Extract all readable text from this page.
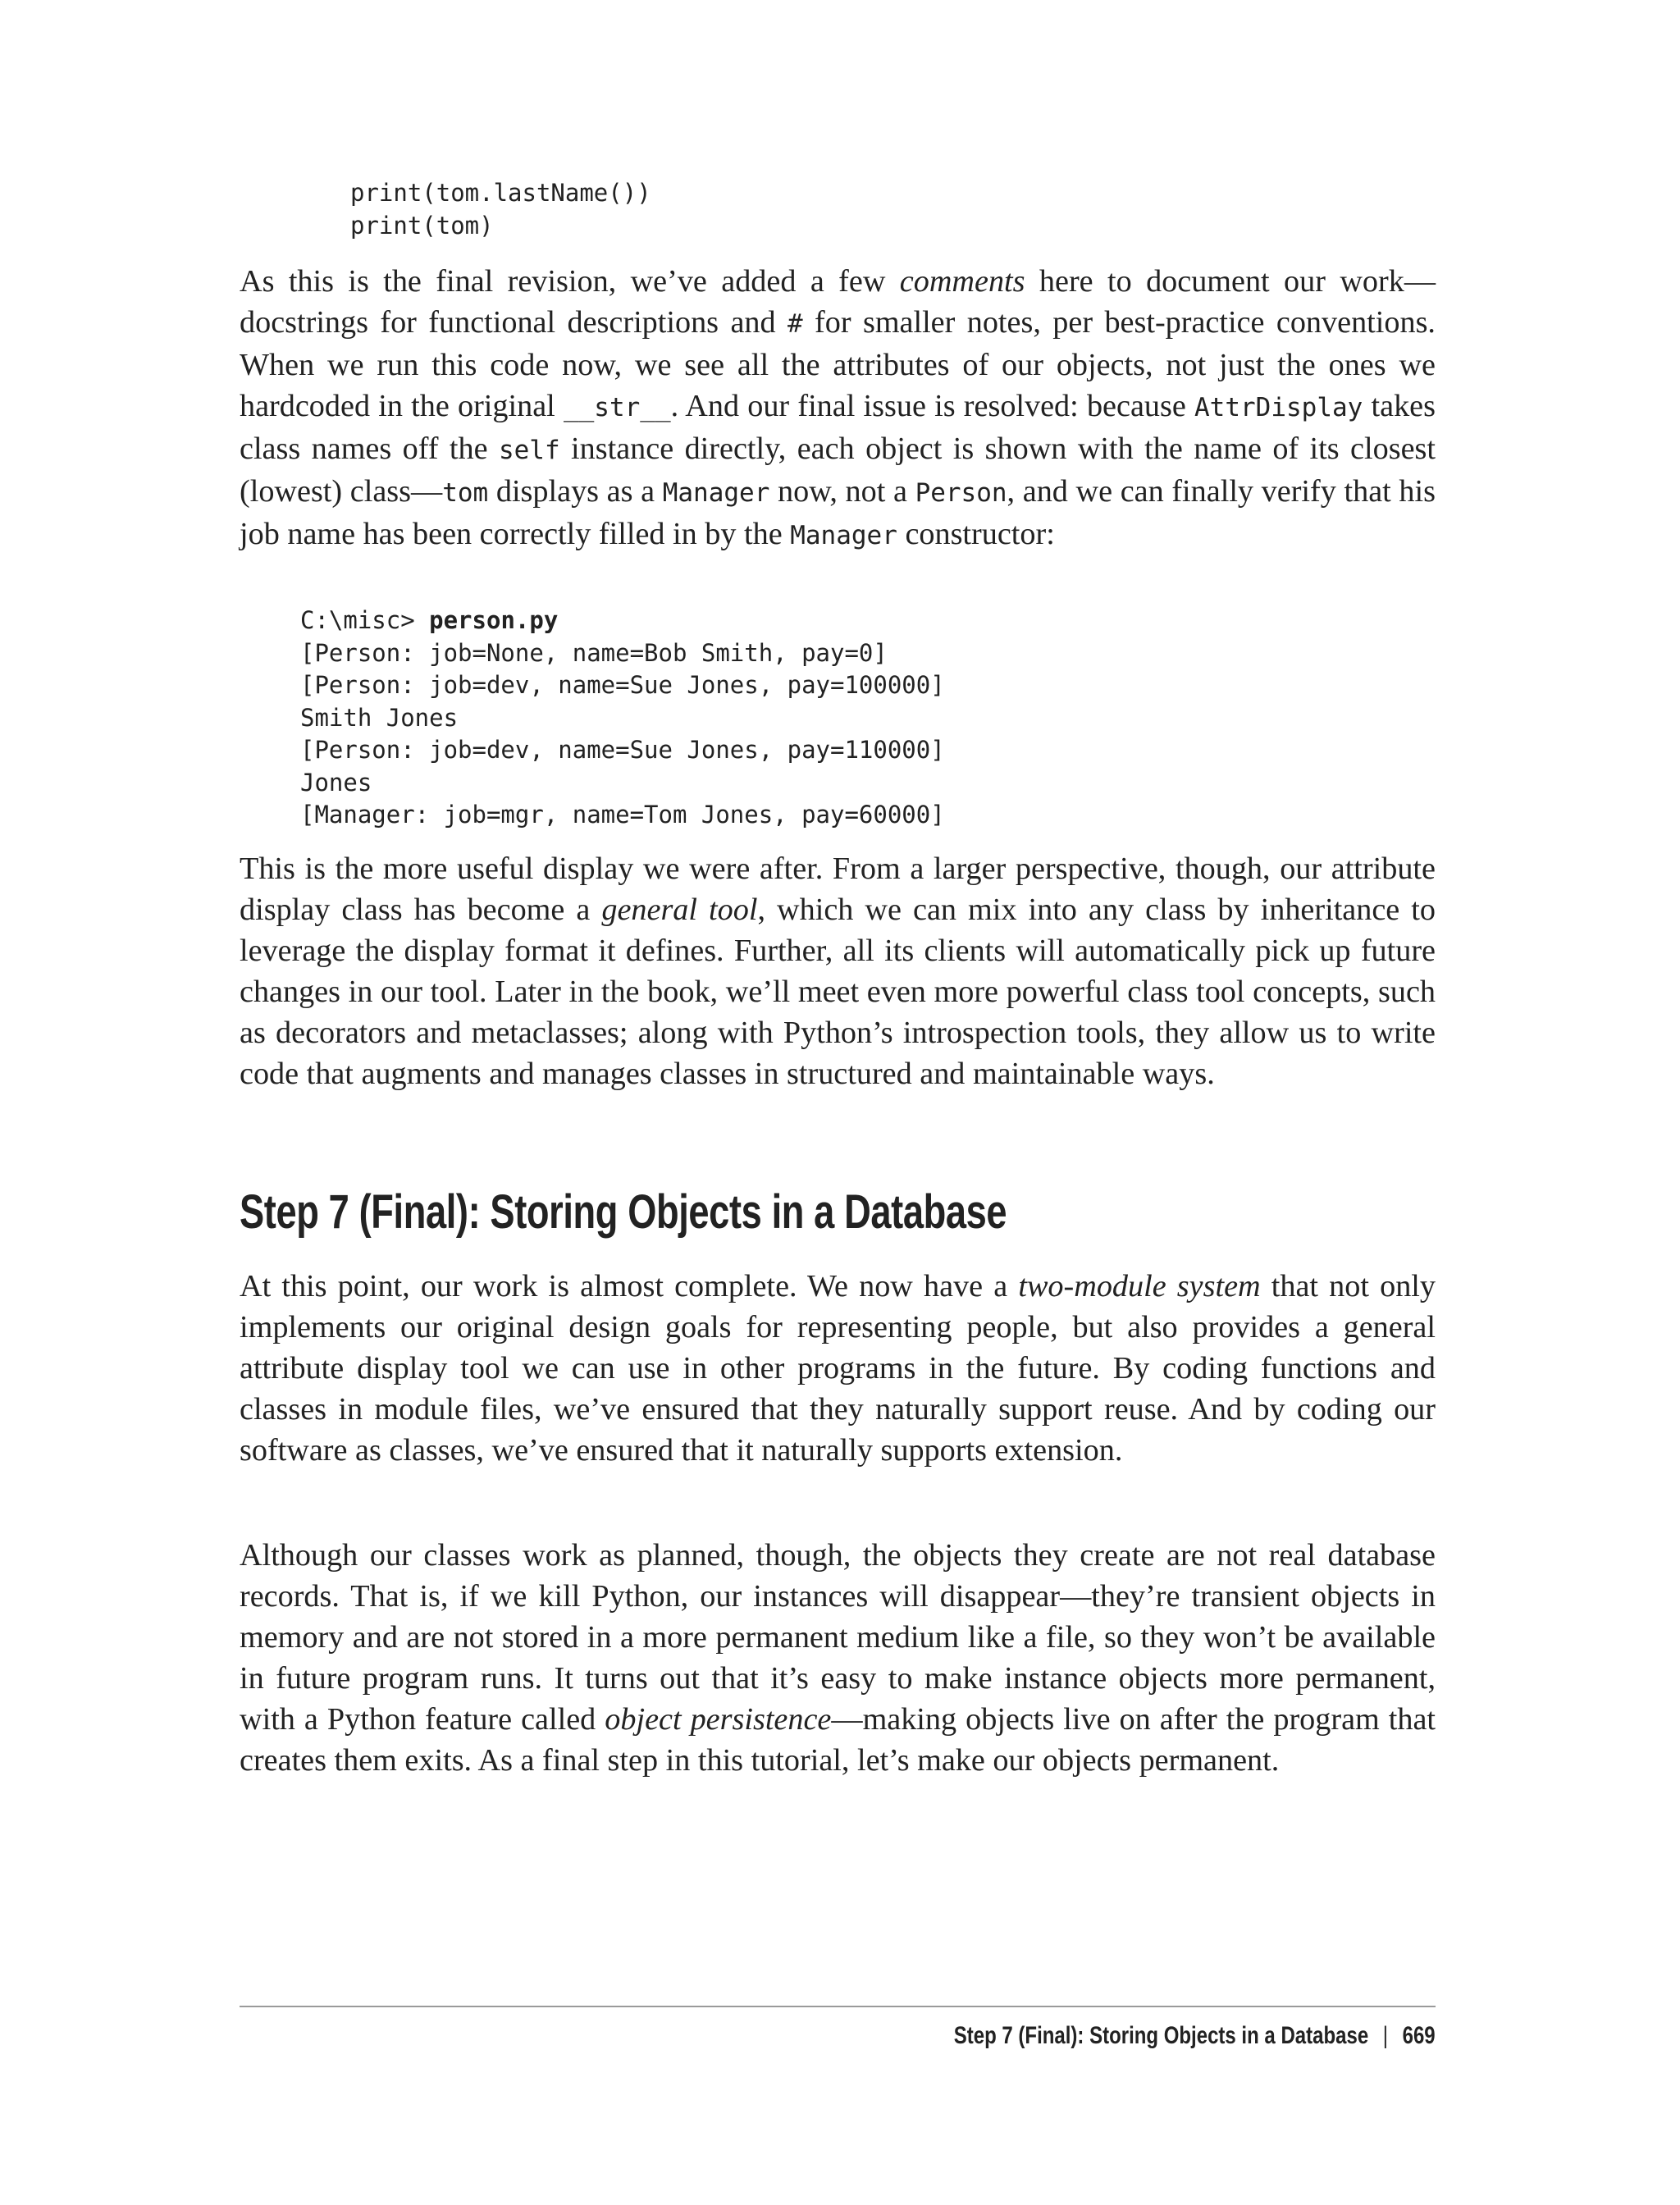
print(tom.lastName())
print(tom)

As this is the final revision, we’ve added a few comments here to document our work—docstrings for functional descriptions and # for smaller notes, per best-practice conventions. When we run this code now, we see all the attributes of our objects, not just the ones we hardcoded in the original __str__. And our final issue is resolved: because AttrDisplay takes class names off the self instance directly, each object is shown with the name of its closest (lowest) class—tom displays as a Manager now, not a Person, and we can finally verify that his job name has been correctly filled in by the Manager constructor:

C:\misc> person.py
[Person: job=None, name=Bob Smith, pay=0]
[Person: job=dev, name=Sue Jones, pay=100000]
Smith Jones
[Person: job=dev, name=Sue Jones, pay=110000]
Jones
[Manager: job=mgr, name=Tom Jones, pay=60000]

This is the more useful display we were after. From a larger perspective, though, our attribute display class has become a general tool, which we can mix into any class by inheritance to leverage the display format it defines. Further, all its clients will automatically pick up future changes in our tool. Later in the book, we’ll meet even more powerful class tool concepts, such as decorators and metaclasses; along with Python’s introspection tools, they allow us to write code that augments and manages classes in structured and maintainable ways.

Step 7 (Final): Storing Objects in a Database

At this point, our work is almost complete. We now have a two-module system that not only implements our original design goals for representing people, but also provides a general attribute display tool we can use in other programs in the future. By coding functions and classes in module files, we’ve ensured that they naturally support reuse. And by coding our software as classes, we’ve ensured that it naturally supports extension.

Although our classes work as planned, though, the objects they create are not real database records. That is, if we kill Python, our instances will disappear—they’re transient objects in memory and are not stored in a more permanent medium like a file, so they won’t be available in future program runs. It turns out that it’s easy to make instance objects more permanent, with a Python feature called object persistence—making objects live on after the program that creates them exits. As a final step in this tutorial, let’s make our objects permanent.

Step 7 (Final): Storing Objects in a Database | 669
